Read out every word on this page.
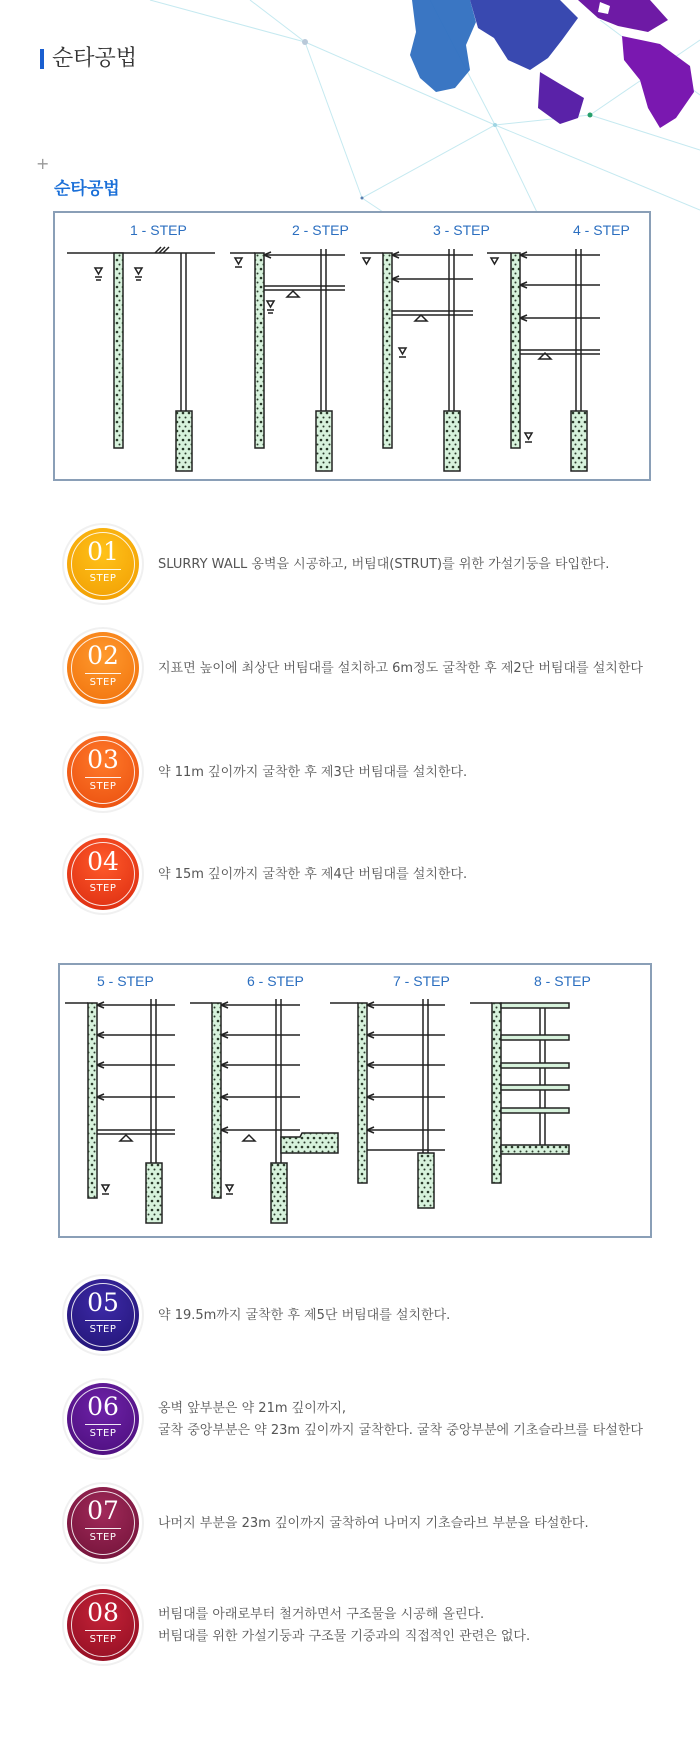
순타공법
+
순타공법
1 - STEP	2 - STEP	3 - STEP	4 - STEP
01
STEP
SLURRY WALL 옹벽을 시공하고, 버팀대(STRUT)를 위한 가설기둥을 타입한다.
02
STEP
지표면 높이에 최상단 버팀대를 설치하고 6m정도 굴착한 후 제2단 버팀대를 설치한다
03
STEP
약 11m 깊이까지 굴착한 후 제3단 버팀대를 설치한다.
04
STEP
약 15m 깊이까지 굴착한 후 제4단 버팀대를 설치한다.
5 - STEP	6 - STEP	7 - STEP	8 - STEP
05
STEP
약 19.5m까지 굴착한 후 제5단 버팀대를 설치한다.
06
STEP
옹벽 앞부분은 약 21m 깊이까지,
굴착 중앙부분은 약 23m 깊이까지 굴착한다. 굴착 중앙부분에 기초슬라브를 타설한다
07
STEP
나머지 부분을 23m 깊이까지 굴착하여 나머지 기초슬라브 부분을 타설한다.
08
STEP
버팀대를 아래로부터 철거하면서 구조물을 시공해 올린다.
버팀대를 위한 가설기둥과 구조물 기중과의 직접적인 관련은 없다.
